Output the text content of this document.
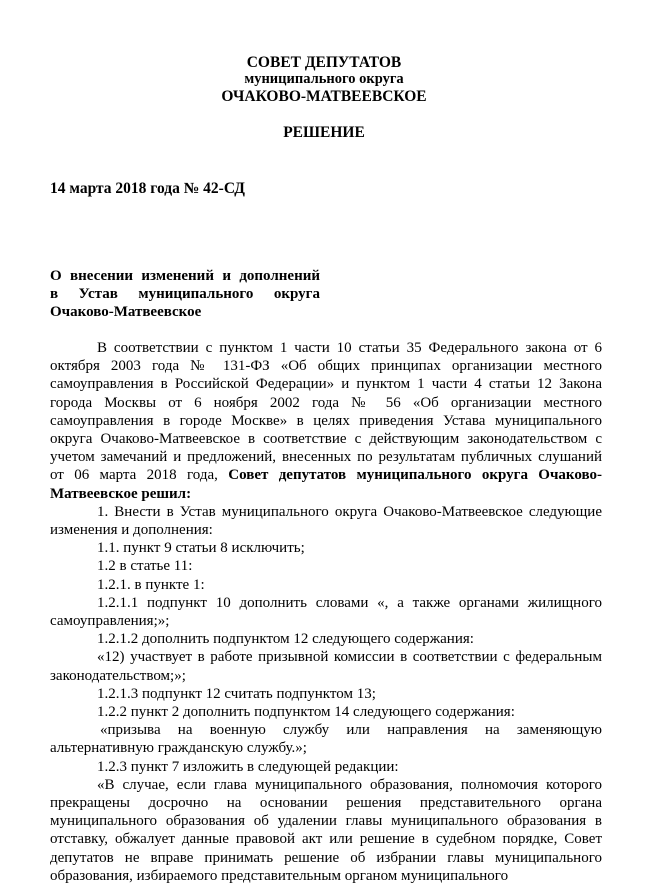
СОВЕТ ДЕПУТАТОВ
муниципального округа
ОЧАКОВО-МАТВЕЕВСКОЕ
РЕШЕНИЕ
14 марта 2018 года № 42-СД
О внесении изменений и дополнений
в Устав муниципального округа
Очаково-Матвеевское

В соответствии с пунктом 1 части 10 статьи 35 Федерального закона от 6 октября 2003 года № 131-ФЗ «Об общих принципах организации местного самоуправления в Российской Федерации» и пунктом 1 части 4 статьи 12 Закона города Москвы от 6 ноября 2002 года № 56 «Об организации местного самоуправления в городе Москве» в целях приведения Устава муниципального округа Очаково-Матвеевское в соответствие с действующим законодательством с учетом замечаний и предложений, внесенных по результатам публичных слушаний от 06 марта 2018 года, Совет депутатов муниципального округа Очаково-Матвеевское решил:

1. Внести в Устав муниципального округа Очаково-Матвеевское следующие изменения и дополнения:

1.1. пункт 9 статьи 8 исключить;

1.2 в статье 11:

1.2.1. в пункте 1:

1.2.1.1 подпункт 10 дополнить словами «, а также органами жилищного самоуправления;»;

1.2.1.2 дополнить подпунктом 12 следующего содержания:

«12) участвует в работе призывной комиссии в соответствии с федеральным законодательством;»;

1.2.1.3 подпункт 12 считать подпунктом 13;

1.2.2 пункт 2 дополнить подпунктом 14 следующего содержания:

«призыва на военную службу или направления на заменяющую альтернативную гражданскую службу.»;

1.2.3 пункт 7 изложить в следующей редакции:

«В случае, если глава муниципального образования, полномочия которого прекращены досрочно на основании решения представительного органа муниципального образования об удалении главы муниципального образования в отставку, обжалует данные правовой акт или решение в судебном порядке, Совет депутатов не вправе принимать решение об избрании главы муниципального образования, избираемого представительным органом муниципального
